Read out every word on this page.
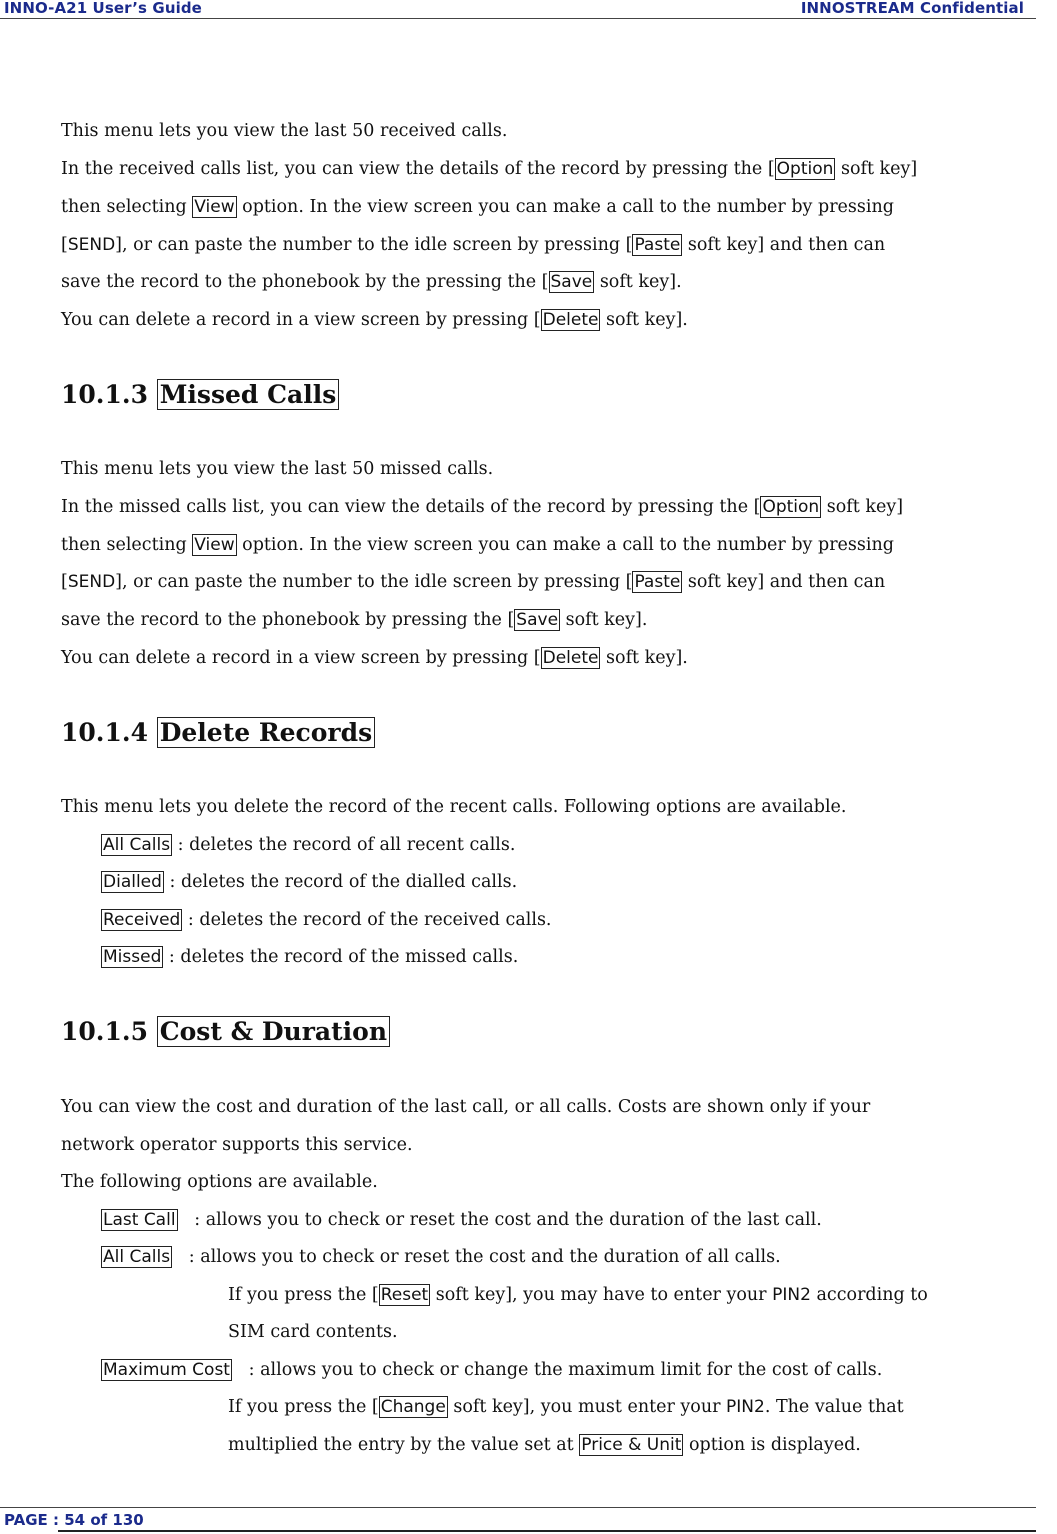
INNO-A21 User’s Guide	INNOSTREAM Confidential
This menu lets you view the last 50 received calls.
In the received calls list, you can view the details of the record by pressing the [ Option soft key]
then selecting View option. In the view screen you can make a call to the number by pressing
[SEND], or can paste the number to the idle screen by pressing [ Paste soft key] and then can
save the record to the phonebook by the pressing the [ Save soft key].
You can delete a record in a view screen by pressing [ Delete soft key].
10.1.3 Missed Calls
This menu lets you view the last 50 missed calls.
In the missed calls list, you can view the details of the record by pressing the [ Option soft key]
then selecting View option. In the view screen you can make a call to the number by pressing
[SEND], or can paste the number to the idle screen by pressing [ Paste soft key] and then can
save the record to the phonebook by pressing the [ Save soft key].
You can delete a record in a view screen by pressing [ Delete soft key].
10.1.4 Delete Records
This menu lets you delete the record of the recent calls. Following options are available.
All Calls : deletes the record of all recent calls.
Dialled : deletes the record of the dialled calls.
Received : deletes the record of the received calls.
Missed : deletes the record of the missed calls.
10.1.5 Cost & Duration
You can view the cost and duration of the last call, or all calls. Costs are shown only if your
network operator supports this service.
The following options are available.
Last Call   : allows you to check or reset the cost and the duration of the last call.
All Calls   : allows you to check or reset the cost and the duration of all calls.
If you press the [ Reset soft key], you may have to enter your PIN2 according to
SIM card contents.
Maximum Cost   : allows you to check or change the maximum limit for the cost of calls.
If you press the [ Change soft key], you must enter your PIN2. The value that
multiplied the entry by the value set at Price & Unit option is displayed.
PAGE : 54 of 130
